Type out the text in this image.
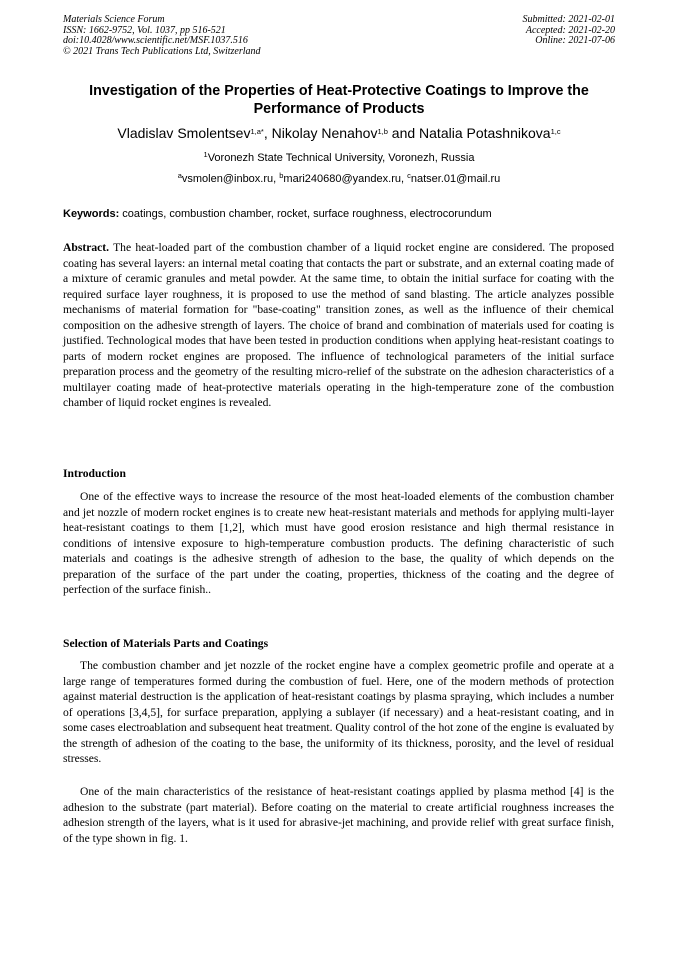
Materials Science Forum
ISSN: 1662-9752, Vol. 1037, pp 516-521
doi:10.4028/www.scientific.net/MSF.1037.516
© 2021 Trans Tech Publications Ltd, Switzerland
Submitted: 2021-02-01
Accepted: 2021-02-20
Online: 2021-07-06
Investigation of the Properties of Heat-Protective Coatings to Improve the Performance of Products
Vladislav Smolentsev$^{1,a*}$, Nikolay Nenahov$^{1,b}$ and Natalia Potashnikova$^{1,c}$
$^1$Voronezh State Technical University, Voronezh, Russia
$^a$vsmolen@inbox.ru, $^b$mari240680@yandex.ru, $^c$natser.01@mail.ru
Keywords: coatings, combustion chamber, rocket, surface roughness, electrocorundum

Abstract. The heat-loaded part of the combustion chamber of a liquid rocket engine are considered. The proposed coating has several layers: an internal metal coating that contacts the part or substrate, and an external coating made of a mixture of ceramic granules and metal powder. At the same time, to obtain the initial surface for coating with the required surface layer roughness, it is proposed to use the method of sand blasting. The article analyzes possible mechanisms of material formation for "base-coating" transition zones, as well as the influence of their chemical composition on the adhesive strength of layers. The choice of brand and combination of materials used for coating is justified. Technological modes that have been tested in production conditions when applying heat-resistant coatings to parts of modern rocket engines are proposed. The influence of technological parameters of the initial surface preparation process and the geometry of the resulting micro-relief of the substrate on the adhesion characteristics of a multilayer coating made of heat-protective materials operating in the high-temperature zone of the combustion chamber of liquid rocket engines is revealed.

Introduction

One of the effective ways to increase the resource of the most heat-loaded elements of the combustion chamber and jet nozzle of modern rocket engines is to create new heat-resistant materials and methods for applying multi-layer heat-resistant coatings to them [1,2], which must have good erosion resistance and high thermal resistance in conditions of intensive exposure to high-temperature combustion products. The defining characteristic of such materials and coatings is the adhesive strength of adhesion to the base, the quality of which depends on the preparation of the surface of the part under the coating, properties, thickness of the coating and the degree of perfection of the surface finish..

Selection of Materials Parts and Coatings

The combustion chamber and jet nozzle of the rocket engine have a complex geometric profile and operate at a large range of temperatures formed during the combustion of fuel. Here, one of the modern methods of protection against material destruction is the application of heat-resistant coatings by plasma spraying, which includes a number of operations [3,4,5], for surface preparation, applying a sublayer (if necessary) and a heat-resistant coating, and in some cases electroablation and subsequent heat treatment. Quality control of the hot zone of the engine is evaluated by the strength of adhesion of the coating to the base, the uniformity of its thickness, porosity, and the level of residual stresses.

One of the main characteristics of the resistance of heat-resistant coatings applied by plasma method [4] is the adhesion to the substrate (part material). Before coating on the material to create artificial roughness increases the adhesion strength of the layers, what is it used for abrasive-jet machining, and provide relief with great surface finish, of the type shown in fig. 1.
